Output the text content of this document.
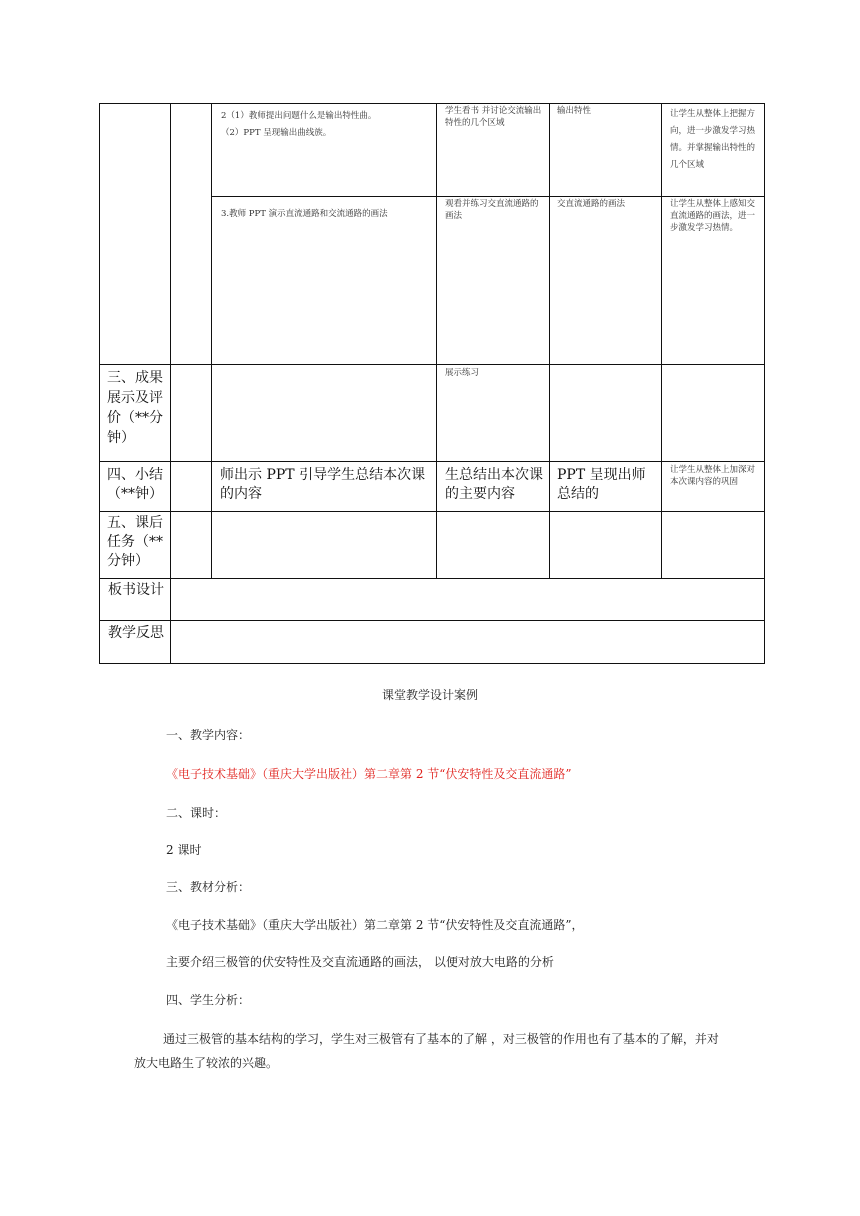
2（1）教师提出问题什么是输出特性曲。
（2）PPT 呈现输出曲线族。
学生看书 并讨论交流输出特性的几个区域
输出特性	让学生从整体上把握方向，进一步激发学习热情。并掌握输出特性的几个区域
3.教师 PPT 演示直流通路和交流通路的画法
观看并练习交直流通路的画法
交直流通路的画法	让学生从整体上感知交直流通路的画法，进一步激发学习热情。
三、成果展示及评价（**分钟）
展示练习
四、小结（**钟）
师出示 PPT 引导学生总结本次课的内容
生总结出本次课的主要内容
PPT 呈现出师总结的
让学生从整体上加深对本次课内容的巩固
五、课后任务（**分钟）
板书设计
教学反思
课堂教学设计案例
一、教学内容：
《电子技术基础》（重庆大学出版社）第二章第 2 节“伏安特性及交直流通路”
二、课时：
2 课时
三、教材分析：
《电子技术基础》（重庆大学出版社）第二章第 2 节“伏安特性及交直流通路”，
主要介绍三极管的伏安特性及交直流通路的画法， 以便对放大电路的分析
四、学生分析：
通过三极管的基本结构的学习，学生对三极管有了基本的了解 ，对三极管的作用也有了基本的了解，并对
放大电路生了较浓的兴趣。
